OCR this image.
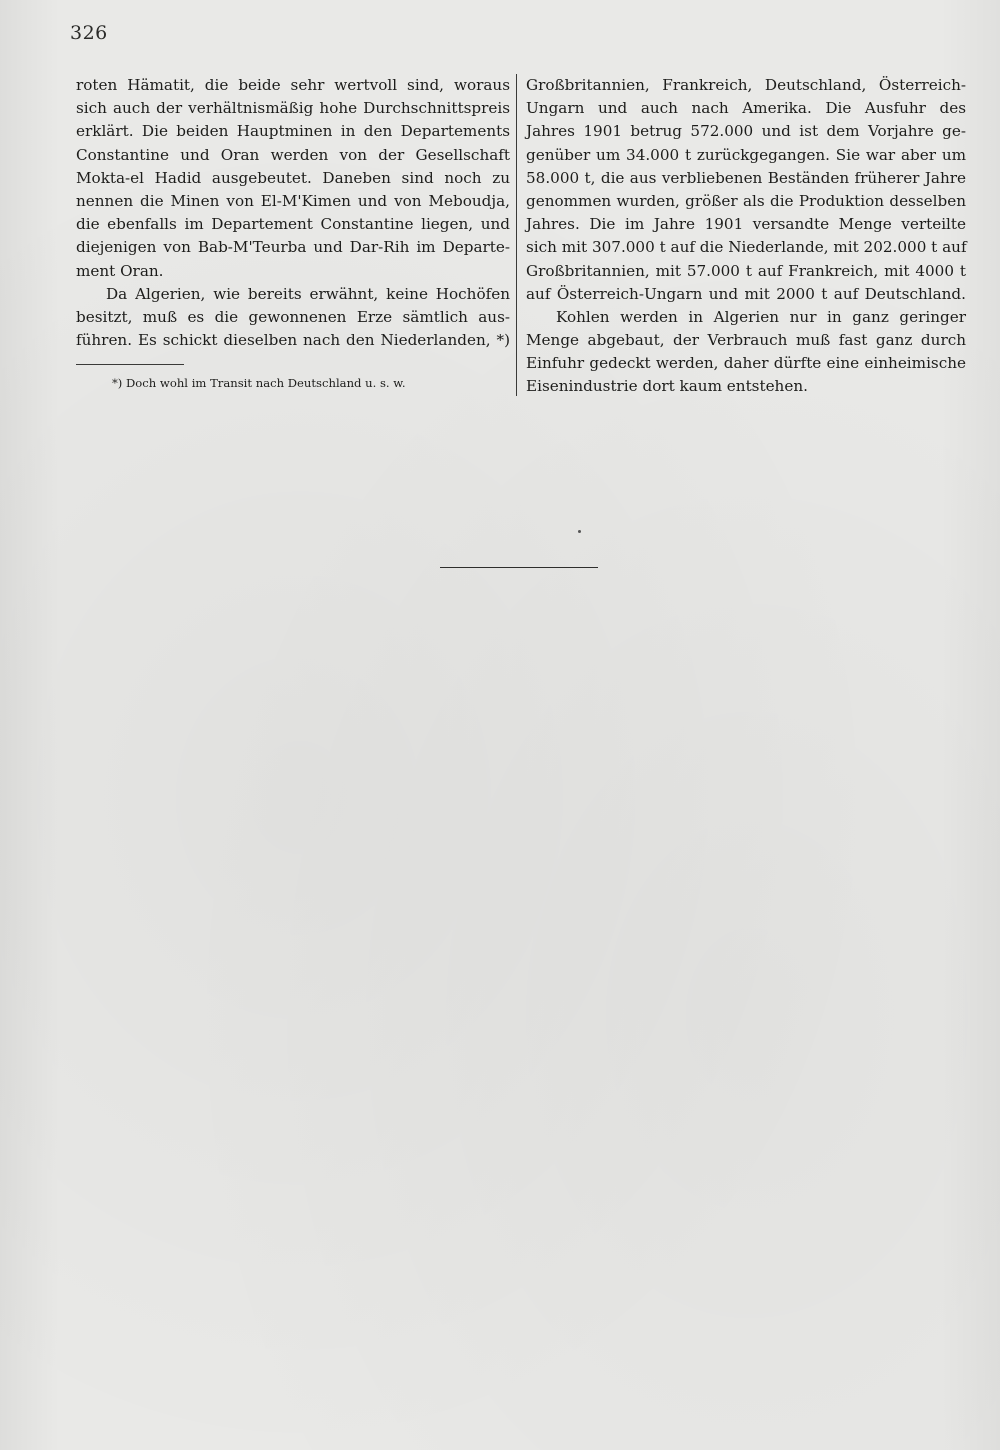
326
roten Hämatit, die beide sehr wertvoll sind, woraus
sich auch der verhältnismäßig hohe Durchschnittspreis
erklärt. Die beiden Hauptminen in den Departements
Constantine und Oran werden von der Gesellschaft
Mokta-el Hadid ausgebeutet. Daneben sind noch zu
nennen die Minen von El-M'Kimen und von Meboudja,
die ebenfalls im Departement Constantine liegen, und
diejenigen von Bab-M'Teurba und Dar-Rih im Departe-
ment Oran.
Da Algerien, wie bereits erwähnt, keine Hochöfen
besitzt, muß es die gewonnenen Erze sämtlich aus-
führen. Es schickt dieselben nach den Niederlanden, *)
*) Doch wohl im Transit nach Deutschland u. s. w.
Großbritannien, Frankreich, Deutschland, Österreich-
Ungarn und auch nach Amerika. Die Ausfuhr des
Jahres 1901 betrug 572.000 und ist dem Vorjahre ge-
genüber um 34.000 t zurückgegangen. Sie war aber um
58.000 t, die aus verbliebenen Beständen früherer Jahre
genommen wurden, größer als die Produktion desselben
Jahres. Die im Jahre 1901 versandte Menge verteilte
sich mit 307.000 t auf die Niederlande, mit 202.000 t auf
Großbritannien, mit 57.000 t auf Frankreich, mit 4000 t
auf Österreich-Ungarn und mit 2000 t auf Deutschland.
Kohlen werden in Algerien nur in ganz geringer
Menge abgebaut, der Verbrauch muß fast ganz durch
Einfuhr gedeckt werden, daher dürfte eine einheimische
Eisenindustrie dort kaum entstehen.
